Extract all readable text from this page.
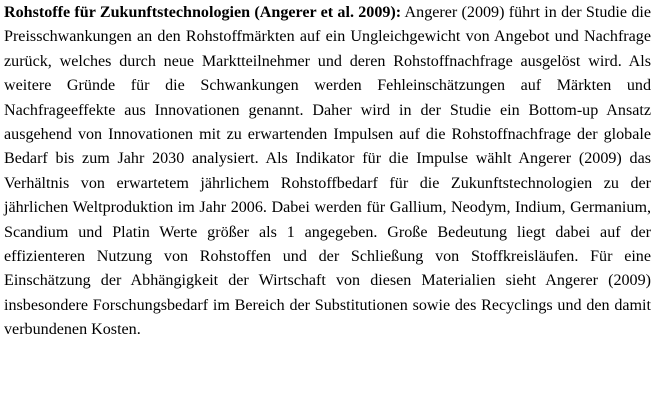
Rohstoffe für Zukunftstechnologien (Angerer et al. 2009): Angerer (2009) führt in der Studie die Preisschwankungen an den Rohstoffmärkten auf ein Ungleichgewicht von Angebot und Nachfrage zurück, welches durch neue Marktteilnehmer und deren Rohstoffnachfrage ausgelöst wird. Als weitere Gründe für die Schwankungen werden Fehleinschätzungen auf Märkten und Nachfrageeffekte aus Innovationen genannt. Daher wird in der Studie ein Bottom-up Ansatz ausgehend von Innovationen mit zu erwartenden Impulsen auf die Rohstoffnachfrage der globale Bedarf bis zum Jahr 2030 analysiert. Als Indikator für die Impulse wählt Angerer (2009) das Verhältnis von erwartetem jährlichem Rohstoffbedarf für die Zukunftstechnologien zu der jährlichen Weltproduktion im Jahr 2006. Dabei werden für Gallium, Neodym, Indium, Germanium, Scandium und Platin Werte größer als 1 angegeben. Große Bedeutung liegt dabei auf der effizienteren Nutzung von Rohstoffen und der Schließung von Stoffkreisläufen. Für eine Einschätzung der Abhängigkeit der Wirtschaft von diesen Materialien sieht Angerer (2009) insbesondere Forschungsbedarf im Bereich der Substitutionen sowie des Recyclings und den damit verbundenen Kosten.
